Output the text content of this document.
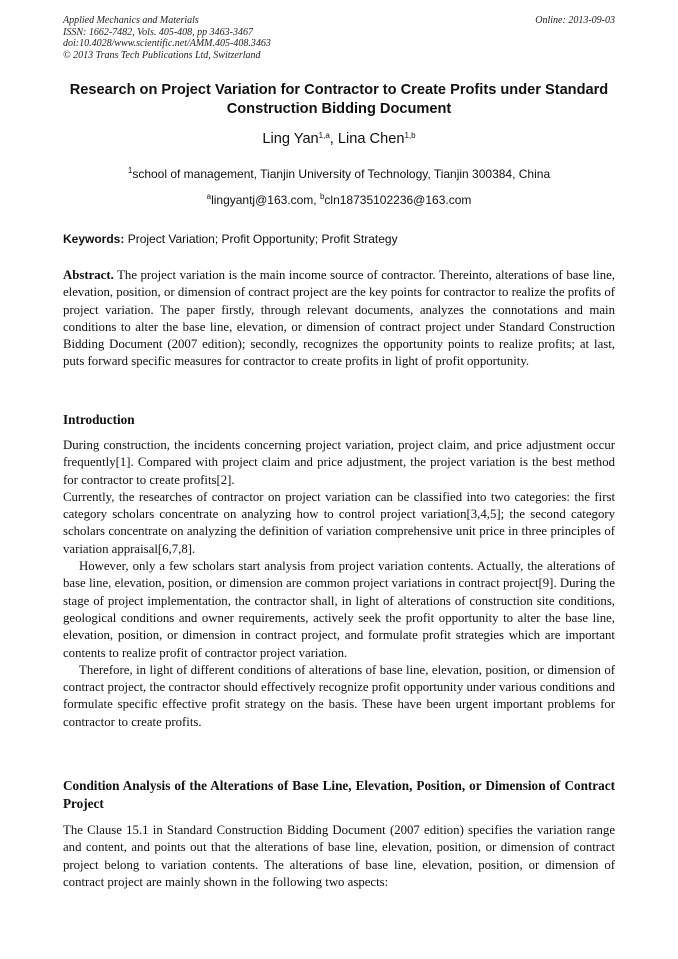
Applied Mechanics and Materials
ISSN: 1662-7482, Vols. 405-408, pp 3463-3467
doi:10.4028/www.scientific.net/AMM.405-408.3463
© 2013 Trans Tech Publications Ltd, Switzerland
Online: 2013-09-03
Research on Project Variation for Contractor to Create Profits under Standard Construction Bidding Document
Ling Yan$^{1,a}$, Lina Chen$^{1,b}$
$^1$school of management, Tianjin University of Technology, Tianjin 300384, China
$^a$lingyantj@163.com, $^b$cln18735102236@163.com
Keywords: Project Variation; Profit Opportunity; Profit Strategy

Abstract. The project variation is the main income source of contractor. Thereinto, alterations of base line, elevation, position, or dimension of contract project are the key points for contractor to realize the profits of project variation. The paper firstly, through relevant documents, analyzes the connotations and main conditions to alter the base line, elevation, or dimension of contract project under Standard Construction Bidding Document (2007 edition); secondly, recognizes the opportunity points to realize profits; at last, puts forward specific measures for contractor to create profits in light of profit opportunity.

Introduction

During construction, the incidents concerning project variation, project claim, and price adjustment occur frequently[1]. Compared with project claim and price adjustment, the project variation is the best method for contractor to create profits[2].

Currently, the researches of contractor on project variation can be classified into two categories: the first category scholars concentrate on analyzing how to control project variation[3,4,5]; the second category scholars concentrate on analyzing the definition of variation comprehensive unit price in three principles of variation appraisal[6,7,8].

However, only a few scholars start analysis from project variation contents. Actually, the alterations of base line, elevation, position, or dimension are common project variations in contract project[9]. During the stage of project implementation, the contractor shall, in light of alterations of construction site conditions, geological conditions and owner requirements, actively seek the profit opportunity to alter the base line, elevation, position, or dimension in contract project, and formulate profit strategies which are important contents to realize profit of contractor project variation.

Therefore, in light of different conditions of alterations of base line, elevation, position, or dimension of contract project, the contractor should effectively recognize profit opportunity under various conditions and formulate specific effective profit strategy on the basis. These have been urgent important problems for contractor to create profits.

Condition Analysis of the Alterations of Base Line, Elevation, Position, or Dimension of Contract Project

The Clause 15.1 in Standard Construction Bidding Document (2007 edition) specifies the variation range and content, and points out that the alterations of base line, elevation, position, or dimension of contract project belong to variation contents. The alterations of base line, elevation, position, or dimension of contract project are mainly shown in the following two aspects:
